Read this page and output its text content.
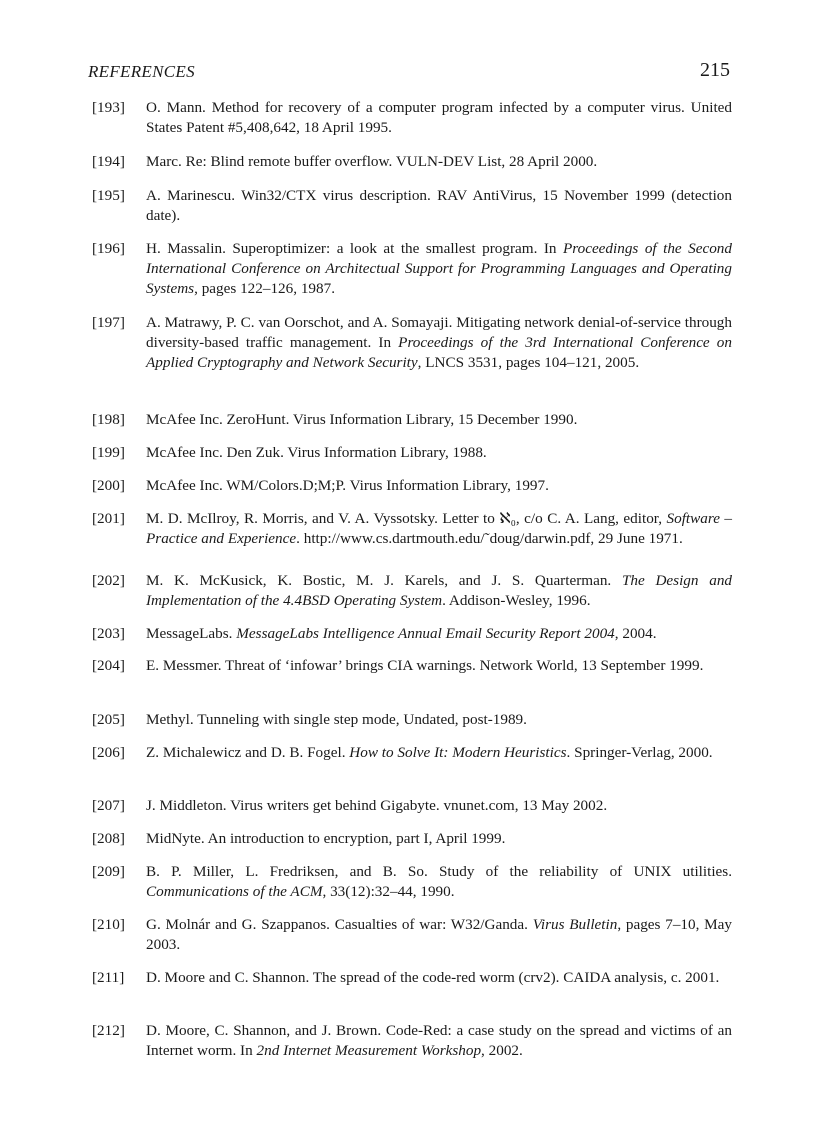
REFERENCES	215
[193]	O. Mann. Method for recovery of a computer program infected by a computer virus. United States Patent #5,408,642, 18 April 1995.
[194]	Marc. Re: Blind remote buffer overflow. VULN-DEV List, 28 April 2000.
[195]	A. Marinescu. Win32/CTX virus description. RAV AntiVirus, 15 November 1999 (detection date).
[196]	H. Massalin. Superoptimizer: a look at the smallest program. In Proceedings of the Second International Conference on Architectual Support for Programming Languages and Operating Systems, pages 122–126, 1987.
[197]	A. Matrawy, P. C. van Oorschot, and A. Somayaji. Mitigating network denial-of-service through diversity-based traffic management. In Proceedings of the 3rd International Conference on Applied Cryptography and Network Security, LNCS 3531, pages 104–121, 2005.
[198]	McAfee Inc. ZeroHunt. Virus Information Library, 15 December 1990.
[199]	McAfee Inc. Den Zuk. Virus Information Library, 1988.
[200]	McAfee Inc. WM/Colors.D;M;P. Virus Information Library, 1997.
[201]	M. D. McIlroy, R. Morris, and V. A. Vyssotsky. Letter to ℵ₀, c/o C. A. Lang, editor, Software – Practice and Experience. http://www.cs.dartmouth.edu/˜doug/darwin.pdf, 29 June 1971.
[202]	M. K. McKusick, K. Bostic, M. J. Karels, and J. S. Quarterman. The Design and Implementation of the 4.4BSD Operating System. Addison-Wesley, 1996.
[203]	MessageLabs. MessageLabs Intelligence Annual Email Security Report 2004, 2004.
[204]	E. Messmer. Threat of ‘infowar’ brings CIA warnings. Network World, 13 September 1999.
[205]	Methyl. Tunneling with single step mode, Undated, post-1989.
[206]	Z. Michalewicz and D. B. Fogel. How to Solve It: Modern Heuristics. Springer-Verlag, 2000.
[207]	J. Middleton. Virus writers get behind Gigabyte. vnunet.com, 13 May 2002.
[208]	MidNyte. An introduction to encryption, part I, April 1999.
[209]	B. P. Miller, L. Fredriksen, and B. So. Study of the reliability of UNIX utilities. Communications of the ACM, 33(12):32–44, 1990.
[210]	G. Molnár and G. Szappanos. Casualties of war: W32/Ganda. Virus Bulletin, pages 7–10, May 2003.
[211]	D. Moore and C. Shannon. The spread of the code-red worm (crv2). CAIDA analysis, c. 2001.
[212]	D. Moore, C. Shannon, and J. Brown. Code-Red: a case study on the spread and victims of an Internet worm. In 2nd Internet Measurement Workshop, 2002.
